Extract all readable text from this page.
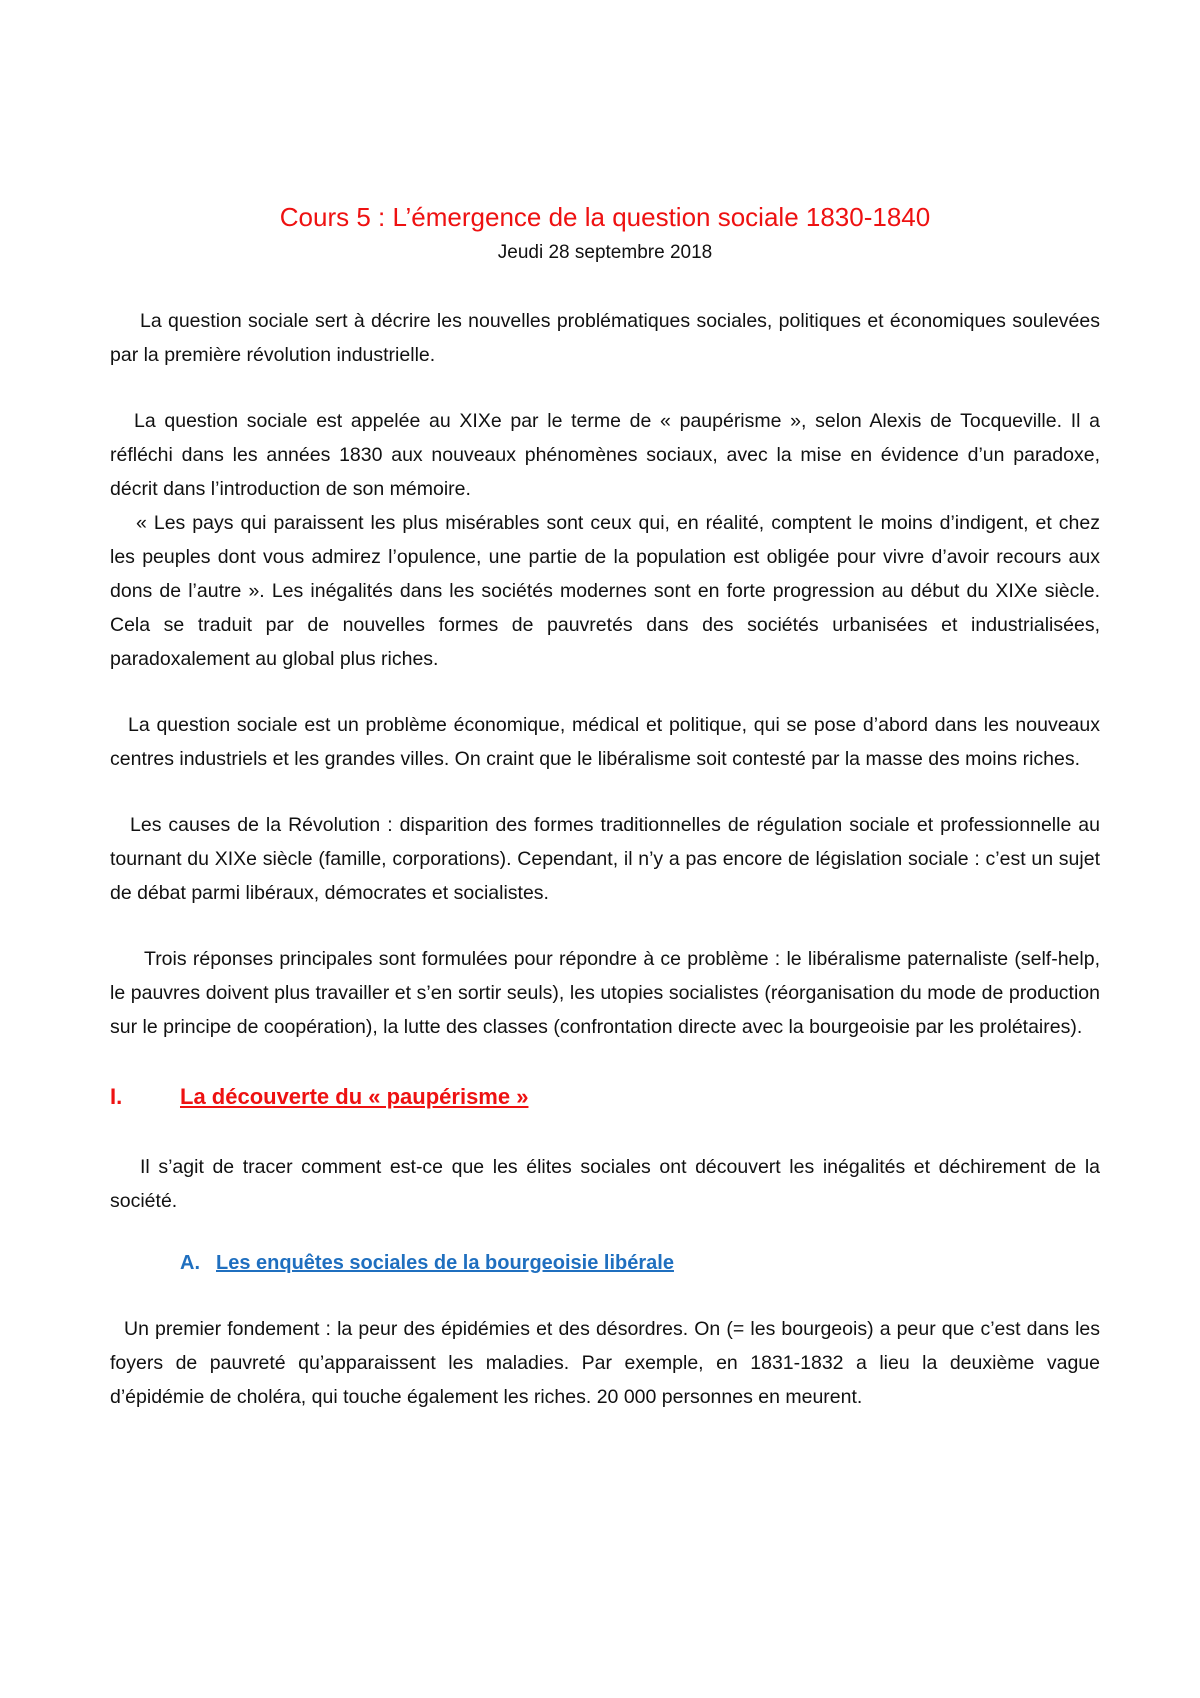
Cours 5 : L’émergence de la question sociale 1830-1840
Jeudi 28 septembre 2018

La question sociale sert à décrire les nouvelles problématiques sociales, politiques et économiques soulevées par la première révolution industrielle.

La question sociale est appelée au XIXe par le terme de « paupérisme », selon Alexis de Tocqueville. Il a réfléchi dans les années 1830 aux nouveaux phénomènes sociaux, avec la mise en évidence d’un paradoxe, décrit dans l’introduction de son mémoire.

« Les pays qui paraissent les plus misérables sont ceux qui, en réalité, comptent le moins d’indigent, et chez les peuples dont vous admirez l’opulence, une partie de la population est obligée pour vivre d’avoir recours aux dons de l’autre ». Les inégalités dans les sociétés modernes sont en forte progression au début du XIXe siècle. Cela se traduit par de nouvelles formes de pauvretés dans des sociétés urbanisées et industrialisées, paradoxalement au global plus riches.

La question sociale est un problème économique, médical et politique, qui se pose d’abord dans les nouveaux centres industriels et les grandes villes. On craint que le libéralisme soit contesté par la masse des moins riches.

Les causes de la Révolution : disparition des formes traditionnelles de régulation sociale et professionnelle au tournant du XIXe siècle (famille, corporations). Cependant, il n’y a pas encore de législation sociale : c’est un sujet de débat parmi libéraux, démocrates et socialistes.

Trois réponses principales sont formulées pour répondre à ce problème : le libéralisme paternaliste (self-help, le pauvres doivent plus travailler et s’en sortir seuls), les utopies socialistes (réorganisation du mode de production sur le principe de coopération), la lutte des classes (confrontation directe avec la bourgeoisie par les prolétaires).

I.	La découverte du « paupérisme »

Il s’agit de tracer comment est-ce que les élites sociales ont découvert les inégalités et déchirement de la société.

A. Les enquêtes sociales de la bourgeoisie libérale

Un premier fondement : la peur des épidémies et des désordres. On (= les bourgeois) a peur que c’est dans les foyers de pauvreté qu’apparaissent les maladies. Par exemple, en 1831-1832 a lieu la deuxième vague d’épidémie de choléra, qui touche également les riches. 20 000 personnes en meurent.
